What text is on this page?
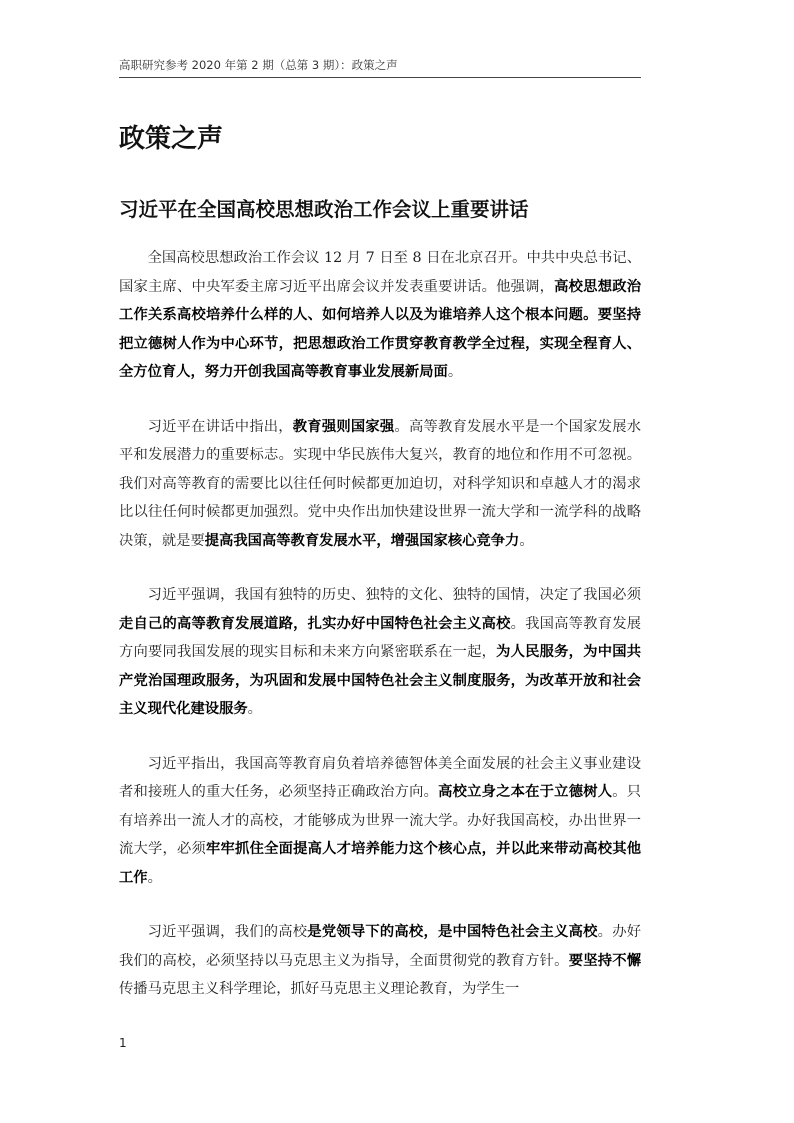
高职研究参考 2020 年第 2 期（总第 3 期）：政策之声
政策之声
习近平在全国高校思想政治工作会议上重要讲话

全国高校思想政治工作会议 12 月 7 日至 8 日在北京召开。中共中央总书记、国家主席、中央军委主席习近平出席会议并发表重要讲话。他强调，高校思想政治工作关系高校培养什么样的人、如何培养人以及为谁培养人这个根本问题。要坚持把立德树人作为中心环节，把思想政治工作贯穿教育教学全过程，实现全程育人、全方位育人，努力开创我国高等教育事业发展新局面。

习近平在讲话中指出，教育强则国家强。高等教育发展水平是一个国家发展水平和发展潜力的重要标志。实现中华民族伟大复兴，教育的地位和作用不可忽视。我们对高等教育的需要比以往任何时候都更加迫切，对科学知识和卓越人才的渴求比以往任何时候都更加强烈。党中央作出加快建设世界一流大学和一流学科的战略决策，就是要提高我国高等教育发展水平，增强国家核心竞争力。

习近平强调，我国有独特的历史、独特的文化、独特的国情，决定了我国必须走自己的高等教育发展道路，扎实办好中国特色社会主义高校。我国高等教育发展方向要同我国发展的现实目标和未来方向紧密联系在一起，为人民服务，为中国共产党治国理政服务，为巩固和发展中国特色社会主义制度服务，为改革开放和社会主义现代化建设服务。

习近平指出，我国高等教育肩负着培养德智体美全面发展的社会主义事业建设者和接班人的重大任务，必须坚持正确政治方向。高校立身之本在于立德树人。只有培养出一流人才的高校，才能够成为世界一流大学。办好我国高校，办出世界一流大学，必须牢牢抓住全面提高人才培养能力这个核心点，并以此来带动高校其他工作。

习近平强调，我们的高校是党领导下的高校，是中国特色社会主义高校。办好我们的高校，必须坚持以马克思主义为指导，全面贯彻党的教育方针。要坚持不懈传播马克思主义科学理论，抓好马克思主义理论教育，为学生一

1
